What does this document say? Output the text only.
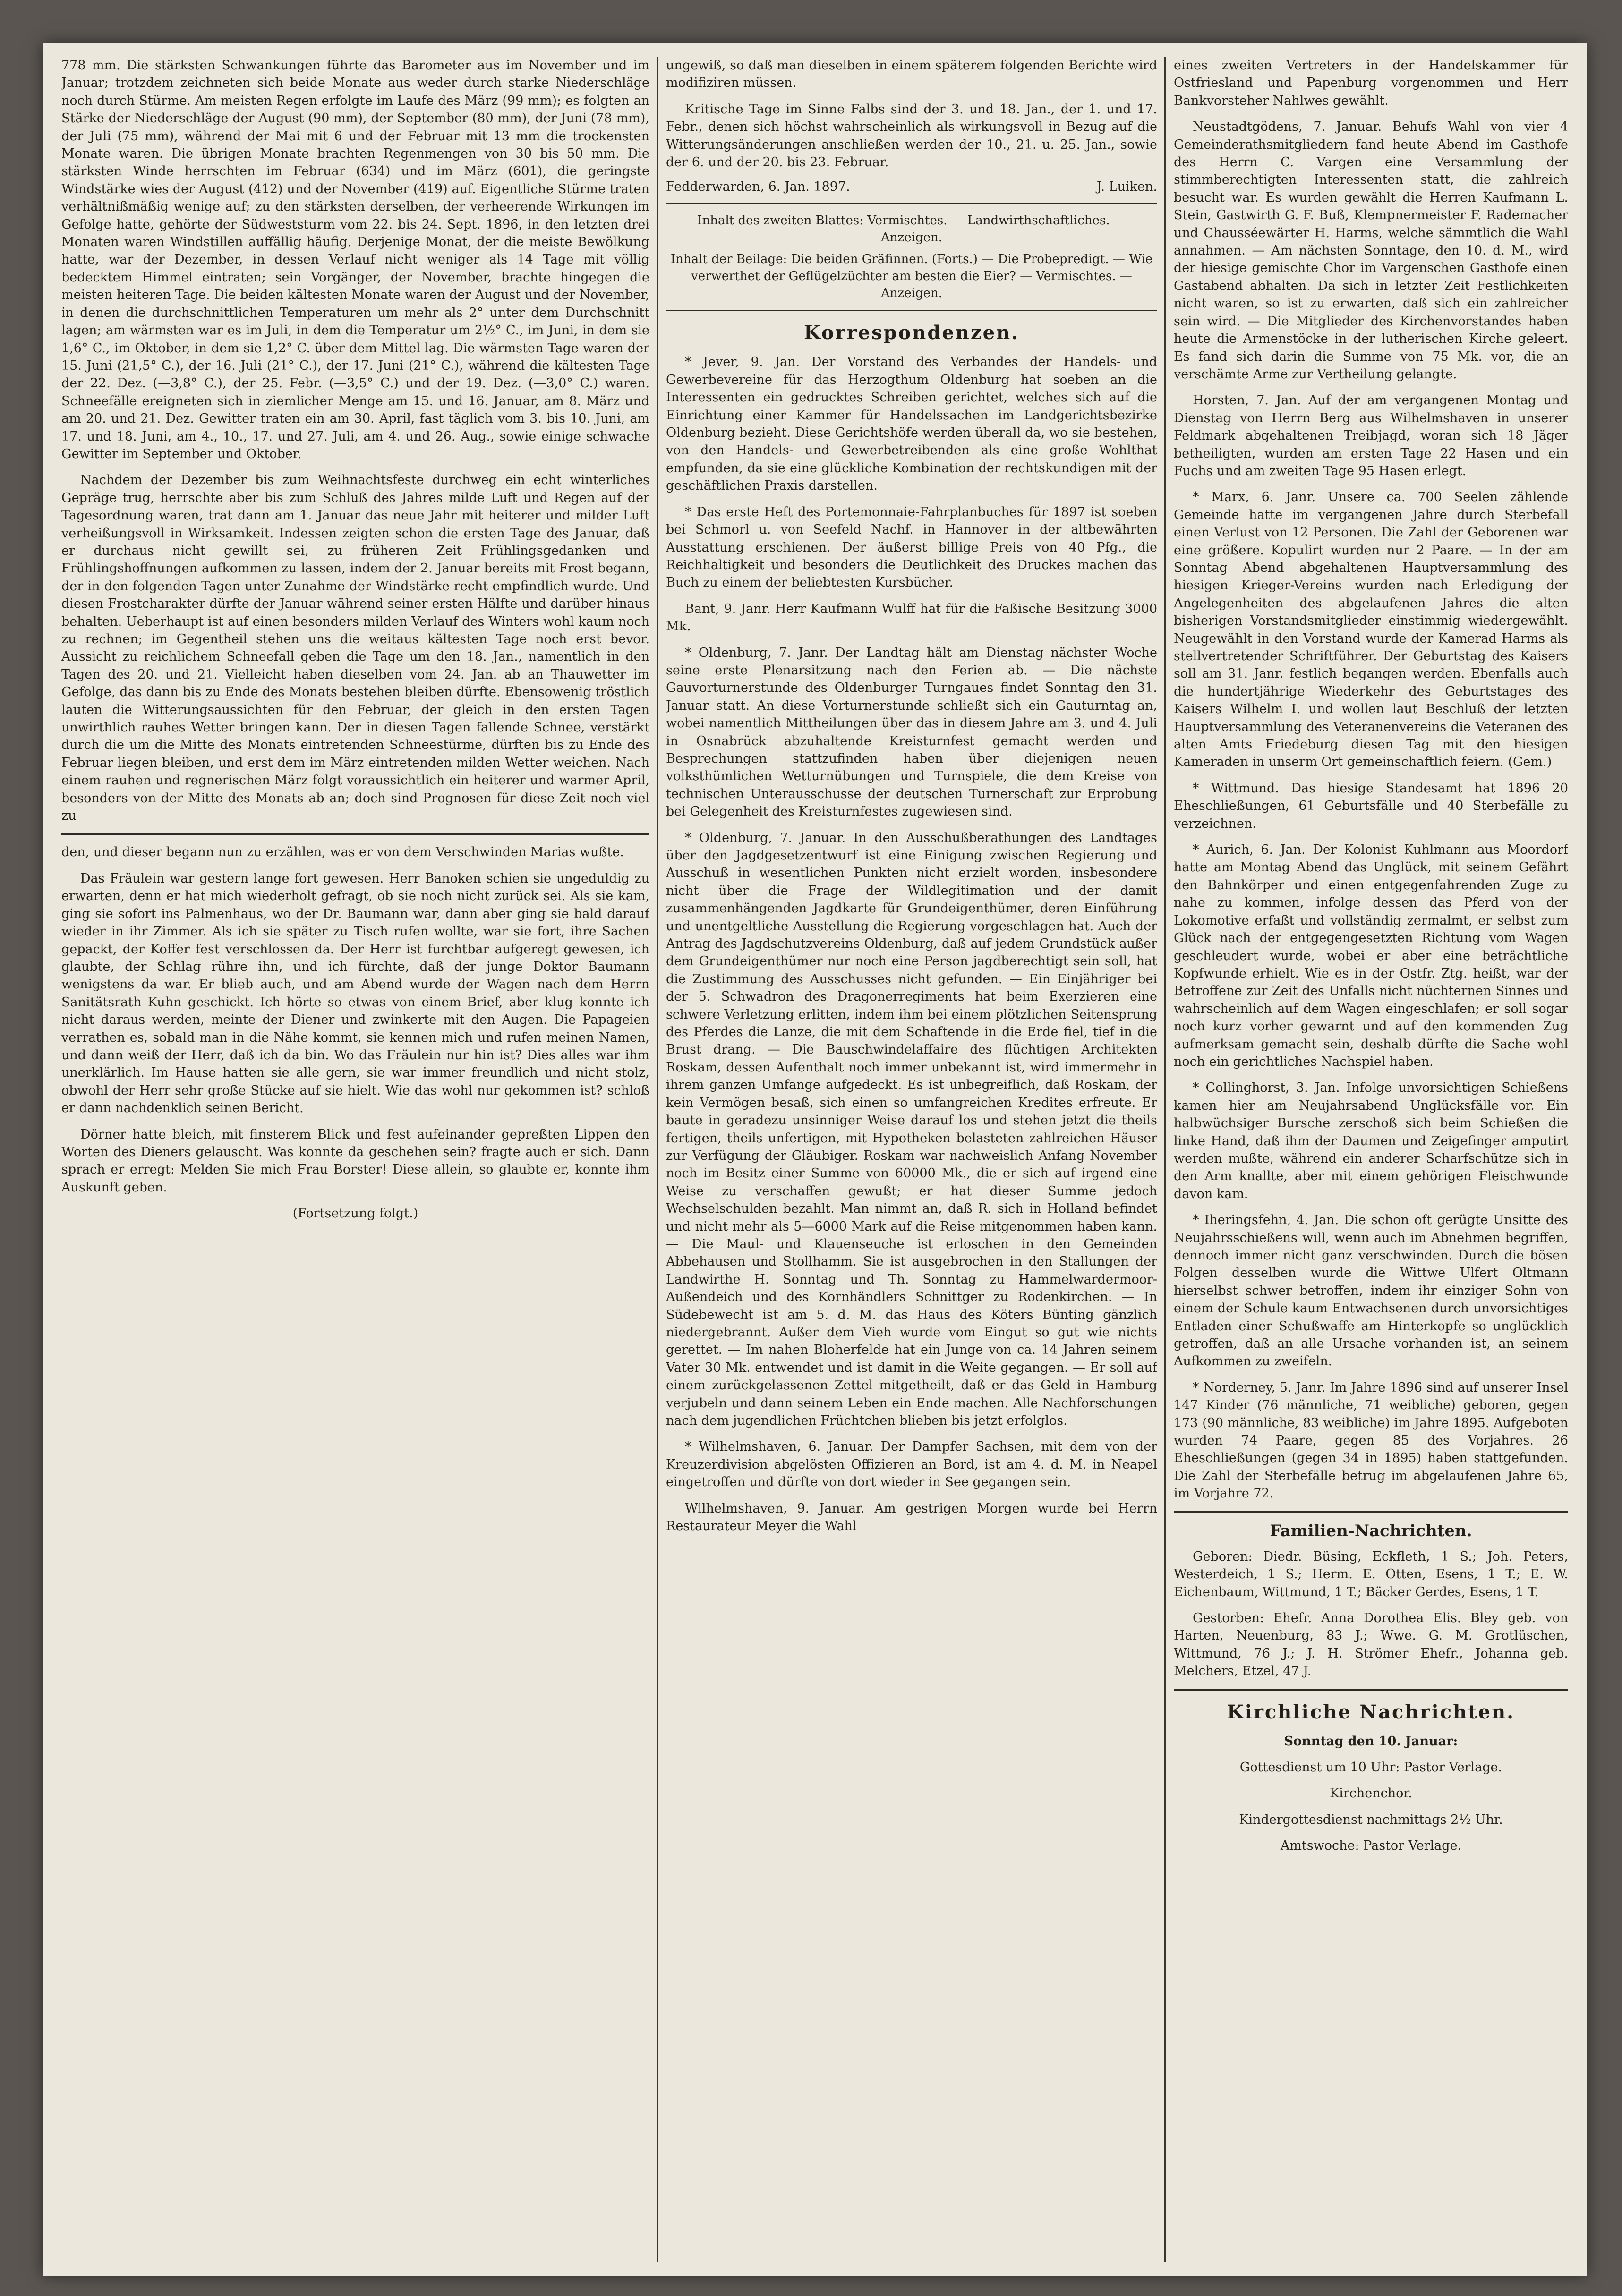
778 mm. Die stärksten Schwankungen führte das Barometer aus im November und im Januar; trotzdem zeichneten sich beide Monate aus weder durch starke Niederschläge noch durch Stürme. Am meisten Regen erfolgte im Laufe des März (99 mm); es folgten an Stärke der Niederschläge der August (90 mm), der September (80 mm), der Juni (78 mm), der Juli (75 mm), während der Mai mit 6 und der Februar mit 13 mm die trockensten Monate waren. Die übrigen Monate brachten Regenmengen von 30 bis 50 mm. Die stärksten Winde herrschten im Februar (634) und im März (601), die geringste Windstärke wies der August (412) und der November (419) auf. Eigentliche Stürme traten verhältnißmäßig wenige auf; zu den stärksten derselben, der verheerende Wirkungen im Gefolge hatte, gehörte der Südweststurm vom 22. bis 24. Sept. 1896, in den letzten drei Monaten waren Windstillen auffällig häufig. Derjenige Monat, der die meiste Bewölkung hatte, war der Dezember, in dessen Verlauf nicht weniger als 14 Tage mit völlig bedecktem Himmel eintraten; sein Vorgänger, der November, brachte hingegen die meisten heiteren Tage. Die beiden kältesten Monate waren der August und der November, in denen die durchschnittlichen Temperaturen um mehr als 2° unter dem Durchschnitt lagen; am wärmsten war es im Juli, in dem die Temperatur um 2½° C., im Juni, in dem sie 1,6° C., im Oktober, in dem sie 1,2° C. über dem Mittel lag. Die wärmsten Tage waren der 15. Juni (21,5° C.), der 16. Juli (21° C.), der 17. Juni (21° C.), während die kältesten Tage der 22. Dez. (—3,8° C.), der 25. Febr. (—3,5° C.) und der 19. Dez. (—3,0° C.) waren. Schneefälle ereigneten sich in ziemlicher Menge am 15. und 16. Januar, am 8. März und am 20. und 21. Dez. Gewitter traten ein am 30. April, fast täglich vom 3. bis 10. Juni, am 17. und 18. Juni, am 4., 10., 17. und 27. Juli, am 4. und 26. Aug., sowie einige schwache Gewitter im September und Oktober.

Nachdem der Dezember bis zum Weihnachtsfeste durchweg ein echt winterliches Gepräge trug, herrschte aber bis zum Schluß des Jahres milde Luft und Regen auf der Tagesordnung waren, trat dann am 1. Januar das neue Jahr mit heiterer und milder Luft verheißungsvoll in Wirksamkeit. Indessen zeigten schon die ersten Tage des Januar, daß er durchaus nicht gewillt sei, zu früheren Zeit Frühlingsgedanken und Frühlingshoffnungen aufkommen zu lassen, indem der 2. Januar bereits mit Frost begann, der in den folgenden Tagen unter Zunahme der Windstärke recht empfindlich wurde. Und diesen Frostcharakter dürfte der Januar während seiner ersten Hälfte und darüber hinaus behalten. Ueberhaupt ist auf einen besonders milden Verlauf des Winters wohl kaum noch zu rechnen; im Gegentheil stehen uns die weitaus kältesten Tage noch erst bevor. Aussicht zu reichlichem Schneefall geben die Tage um den 18. Jan., namentlich in den Tagen des 20. und 21. Vielleicht haben dieselben vom 24. Jan. ab an Thauwetter im Gefolge, das dann bis zu Ende des Monats bestehen bleiben dürfte. Ebensowenig tröstlich lauten die Witterungsaussichten für den Februar, der gleich in den ersten Tagen unwirthlich rauhes Wetter bringen kann. Der in diesen Tagen fallende Schnee, verstärkt durch die um die Mitte des Monats eintretenden Schneestürme, dürften bis zu Ende des Februar liegen bleiben, und erst dem im März eintretenden milden Wetter weichen. Nach einem rauhen und regnerischen März folgt voraussichtlich ein heiterer und warmer April, besonders von der Mitte des Monats ab an; doch sind Prognosen für diese Zeit noch viel zu

den, und dieser begann nun zu erzählen, was er von dem Verschwinden Marias wußte.

Das Fräulein war gestern lange fort gewesen. Herr Banoken schien sie ungeduldig zu erwarten, denn er hat mich wiederholt gefragt, ob sie noch nicht zurück sei. Als sie kam, ging sie sofort ins Palmenhaus, wo der Dr. Baumann war, dann aber ging sie bald darauf wieder in ihr Zimmer. Als ich sie später zu Tisch rufen wollte, war sie fort, ihre Sachen gepackt, der Koffer fest verschlossen da. Der Herr ist furchtbar aufgeregt gewesen, ich glaubte, der Schlag rühre ihn, und ich fürchte, daß der junge Doktor Baumann wenigstens da war. Er blieb auch, und am Abend wurde der Wagen nach dem Herrn Sanitätsrath Kuhn geschickt. Ich hörte so etwas von einem Brief, aber klug konnte ich nicht daraus werden, meinte der Diener und zwinkerte mit den Augen. Die Papageien verrathen es, sobald man in die Nähe kommt, sie kennen mich und rufen meinen Namen, und dann weiß der Herr, daß ich da bin. Wo das Fräulein nur hin ist? Dies alles war ihm unerklärlich. Im Hause hatten sie alle gern, sie war immer freundlich und nicht stolz, obwohl der Herr sehr große Stücke auf sie hielt. Wie das wohl nur gekommen ist? schloß er dann nachdenklich seinen Bericht.

Dörner hatte bleich, mit finsterem Blick und fest aufeinander gepreßten Lippen den Worten des Dieners gelauscht. Was konnte da geschehen sein? fragte auch er sich. Dann sprach er erregt: Melden Sie mich Frau Borster! Diese allein, so glaubte er, konnte ihm Auskunft geben.

(Fortsetzung folgt.)

ungewiß, so daß man dieselben in einem späterem folgenden Berichte wird modifiziren müssen.

Kritische Tage im Sinne Falbs sind der 3. und 18. Jan., der 1. und 17. Febr., denen sich höchst wahrscheinlich als wirkungsvoll in Bezug auf die Witterungsänderungen anschließen werden der 10., 21. u. 25. Jan., sowie der 6. und der 20. bis 23. Februar.

Fedderwarden, 6. Jan. 1897.	J. Luiken.
Inhalt des zweiten Blattes: Vermischtes. — Landwirthschaftliches. — Anzeigen.
Inhalt der Beilage: Die beiden Gräfinnen. (Forts.) — Die Probepredigt. — Wie verwerthet der Geflügelzüchter am besten die Eier? — Vermischtes. — Anzeigen.
Korrespondenzen.

* Jever, 9. Jan. Der Vorstand des Verbandes der Handels- und Gewerbevereine für das Herzogthum Oldenburg hat soeben an die Interessenten ein gedrucktes Schreiben gerichtet, welches sich auf die Einrichtung einer Kammer für Handelssachen im Landgerichtsbezirke Oldenburg bezieht. Diese Gerichtshöfe werden überall da, wo sie bestehen, von den Handels- und Gewerbetreibenden als eine große Wohlthat empfunden, da sie eine glückliche Kombination der rechtskundigen mit der geschäftlichen Praxis darstellen.

* Das erste Heft des Portemonnaie-Fahrplanbuches für 1897 ist soeben bei Schmorl u. von Seefeld Nachf. in Hannover in der altbewährten Ausstattung erschienen. Der äußerst billige Preis von 40 Pfg., die Reichhaltigkeit und besonders die Deutlichkeit des Druckes machen das Buch zu einem der beliebtesten Kursbücher.

Bant, 9. Janr. Herr Kaufmann Wulff hat für die Faßische Besitzung 3000 Mk.

* Oldenburg, 7. Janr. Der Landtag hält am Dienstag nächster Woche seine erste Plenarsitzung nach den Ferien ab. — Die nächste Gauvorturnerstunde des Oldenburger Turngaues findet Sonntag den 31. Januar statt. An diese Vorturnerstunde schließt sich ein Gauturntag an, wobei namentlich Mittheilungen über das in diesem Jahre am 3. und 4. Juli in Osnabrück abzuhaltende Kreisturnfest gemacht werden und Besprechungen stattzufinden haben über diejenigen neuen volksthümlichen Wetturnübungen und Turnspiele, die dem Kreise von technischen Unterausschusse der deutschen Turnerschaft zur Erprobung bei Gelegenheit des Kreisturnfestes zugewiesen sind.

* Oldenburg, 7. Januar. In den Ausschußberathungen des Landtages über den Jagdgesetzentwurf ist eine Einigung zwischen Regierung und Ausschuß in wesentlichen Punkten nicht erzielt worden, insbesondere nicht über die Frage der Wildlegitimation und der damit zusammenhängenden Jagdkarte für Grundeigenthümer, deren Einführung und unentgeltliche Ausstellung die Regierung vorgeschlagen hat. Auch der Antrag des Jagdschutzvereins Oldenburg, daß auf jedem Grundstück außer dem Grundeigenthümer nur noch eine Person jagdberechtigt sein soll, hat die Zustimmung des Ausschusses nicht gefunden. — Ein Einjähriger bei der 5. Schwadron des Dragonerregiments hat beim Exerzieren eine schwere Verletzung erlitten, indem ihm bei einem plötzlichen Seitensprung des Pferdes die Lanze, die mit dem Schaftende in die Erde fiel, tief in die Brust drang. — Die Bauschwindelaffaire des flüchtigen Architekten Roskam, dessen Aufenthalt noch immer unbekannt ist, wird immermehr in ihrem ganzen Umfange aufgedeckt. Es ist unbegreiflich, daß Roskam, der kein Vermögen besaß, sich einen so umfangreichen Kredites erfreute. Er baute in geradezu unsinniger Weise darauf los und stehen jetzt die theils fertigen, theils unfertigen, mit Hypotheken belasteten zahlreichen Häuser zur Verfügung der Gläubiger. Roskam war nachweislich Anfang November noch im Besitz einer Summe von 60000 Mk., die er sich auf irgend eine Weise zu verschaffen gewußt; er hat dieser Summe jedoch Wechselschulden bezahlt. Man nimmt an, daß R. sich in Holland befindet und nicht mehr als 5—6000 Mark auf die Reise mitgenommen haben kann. — Die Maul- und Klauenseuche ist erloschen in den Gemeinden Abbehausen und Stollhamm. Sie ist ausgebrochen in den Stallungen der Landwirthe H. Sonntag und Th. Sonntag zu Hammelwardermoor-Außendeich und des Kornhändlers Schnittger zu Rodenkirchen. — In Südebewecht ist am 5. d. M. das Haus des Köters Bünting gänzlich niedergebrannt. Außer dem Vieh wurde vom Eingut so gut wie nichts gerettet. — Im nahen Bloherfelde hat ein Junge von ca. 14 Jahren seinem Vater 30 Mk. entwendet und ist damit in die Weite gegangen. — Er soll auf einem zurückgelassenen Zettel mitgetheilt, daß er das Geld in Hamburg verjubeln und dann seinem Leben ein Ende machen. Alle Nachforschungen nach dem jugendlichen Früchtchen blieben bis jetzt erfolglos.

* Wilhelmshaven, 6. Januar. Der Dampfer Sachsen, mit dem von der Kreuzerdivision abgelösten Offizieren an Bord, ist am 4. d. M. in Neapel eingetroffen und dürfte von dort wieder in See gegangen sein.

Wilhelmshaven, 9. Januar. Am gestrigen Morgen wurde bei Herrn Restaurateur Meyer die Wahl

eines zweiten Vertreters in der Handelskammer für Ostfriesland und Papenburg vorgenommen und Herr Bankvorsteher Nahlwes gewählt.

Neustadtgödens, 7. Januar. Behufs Wahl von vier 4 Gemeinderathsmitgliedern fand heute Abend im Gasthofe des Herrn C. Vargen eine Versammlung der stimmberechtigten Interessenten statt, die zahlreich besucht war. Es wurden gewählt die Herren Kaufmann L. Stein, Gastwirth G. F. Buß, Klempnermeister F. Rademacher und Chausséewärter H. Harms, welche sämmtlich die Wahl annahmen. — Am nächsten Sonntage, den 10. d. M., wird der hiesige gemischte Chor im Vargenschen Gasthofe einen Gastabend abhalten. Da sich in letzter Zeit Festlichkeiten nicht waren, so ist zu erwarten, daß sich ein zahlreicher sein wird. — Die Mitglieder des Kirchenvorstandes haben heute die Armenstöcke in der lutherischen Kirche geleert. Es fand sich darin die Summe von 75 Mk. vor, die an verschämte Arme zur Vertheilung gelangte.

Horsten, 7. Jan. Auf der am vergangenen Montag und Dienstag von Herrn Berg aus Wilhelmshaven in unserer Feldmark abgehaltenen Treibjagd, woran sich 18 Jäger betheiligten, wurden am ersten Tage 22 Hasen und ein Fuchs und am zweiten Tage 95 Hasen erlegt.

* Marx, 6. Janr. Unsere ca. 700 Seelen zählende Gemeinde hatte im vergangenen Jahre durch Sterbefall einen Verlust von 12 Personen. Die Zahl der Geborenen war eine größere. Kopulirt wurden nur 2 Paare. — In der am Sonntag Abend abgehaltenen Hauptversammlung des hiesigen Krieger-Vereins wurden nach Erledigung der Angelegenheiten des abgelaufenen Jahres die alten bisherigen Vorstandsmitglieder einstimmig wiedergewählt. Neugewählt in den Vorstand wurde der Kamerad Harms als stellvertretender Schriftführer. Der Geburtstag des Kaisers soll am 31. Janr. festlich begangen werden. Ebenfalls auch die hundertjährige Wiederkehr des Geburtstages des Kaisers Wilhelm I. und wollen laut Beschluß der letzten Hauptversammlung des Veteranenvereins die Veteranen des alten Amts Friedeburg diesen Tag mit den hiesigen Kameraden in unserm Ort gemeinschaftlich feiern. (Gem.)

* Wittmund. Das hiesige Standesamt hat 1896 20 Eheschließungen, 61 Geburtsfälle und 40 Sterbefälle zu verzeichnen.

* Aurich, 6. Jan. Der Kolonist Kuhlmann aus Moordorf hatte am Montag Abend das Unglück, mit seinem Gefährt den Bahnkörper und einen entgegenfahrenden Zuge zu nahe zu kommen, infolge dessen das Pferd von der Lokomotive erfaßt und vollständig zermalmt, er selbst zum Glück nach der entgegengesetzten Richtung vom Wagen geschleudert wurde, wobei er aber eine beträchtliche Kopfwunde erhielt. Wie es in der Ostfr. Ztg. heißt, war der Betroffene zur Zeit des Unfalls nicht nüchternen Sinnes und wahrscheinlich auf dem Wagen eingeschlafen; er soll sogar noch kurz vorher gewarnt und auf den kommenden Zug aufmerksam gemacht sein, deshalb dürfte die Sache wohl noch ein gerichtliches Nachspiel haben.

* Collinghorst, 3. Jan. Infolge unvorsichtigen Schießens kamen hier am Neujahrsabend Unglücksfälle vor. Ein halbwüchsiger Bursche zerschoß sich beim Schießen die linke Hand, daß ihm der Daumen und Zeigefinger amputirt werden mußte, während ein anderer Scharfschütze sich in den Arm knallte, aber mit einem gehörigen Fleischwunde davon kam.

* Iheringsfehn, 4. Jan. Die schon oft gerügte Unsitte des Neujahrsschießens will, wenn auch im Abnehmen begriffen, dennoch immer nicht ganz verschwinden. Durch die bösen Folgen desselben wurde die Wittwe Ulfert Oltmann hierselbst schwer betroffen, indem ihr einziger Sohn von einem der Schule kaum Entwachsenen durch unvorsichtiges Entladen einer Schußwaffe am Hinterkopfe so unglücklich getroffen, daß an alle Ursache vorhanden ist, an seinem Aufkommen zu zweifeln.

* Norderney, 5. Janr. Im Jahre 1896 sind auf unserer Insel 147 Kinder (76 männliche, 71 weibliche) geboren, gegen 173 (90 männliche, 83 weibliche) im Jahre 1895. Aufgeboten wurden 74 Paare, gegen 85 des Vorjahres. 26 Eheschließungen (gegen 34 in 1895) haben stattgefunden. Die Zahl der Sterbefälle betrug im abgelaufenen Jahre 65, im Vorjahre 72.

Familien-Nachrichten.

Geboren: Diedr. Büsing, Eckfleth, 1 S.; Joh. Peters, Westerdeich, 1 S.; Herm. E. Otten, Esens, 1 T.; E. W. Eichenbaum, Wittmund, 1 T.; Bäcker Gerdes, Esens, 1 T.

Gestorben: Ehefr. Anna Dorothea Elis. Bley geb. von Harten, Neuenburg, 83 J.; Wwe. G. M. Grotlüschen, Wittmund, 76 J.; J. H. Strömer Ehefr., Johanna geb. Melchers, Etzel, 47 J.

Kirchliche Nachrichten.

Sonntag den 10. Januar:

Gottesdienst um 10 Uhr: Pastor Verlage.

Kirchenchor.

Kindergottesdienst nachmittags 2½ Uhr.

Amtswoche: Pastor Verlage.
